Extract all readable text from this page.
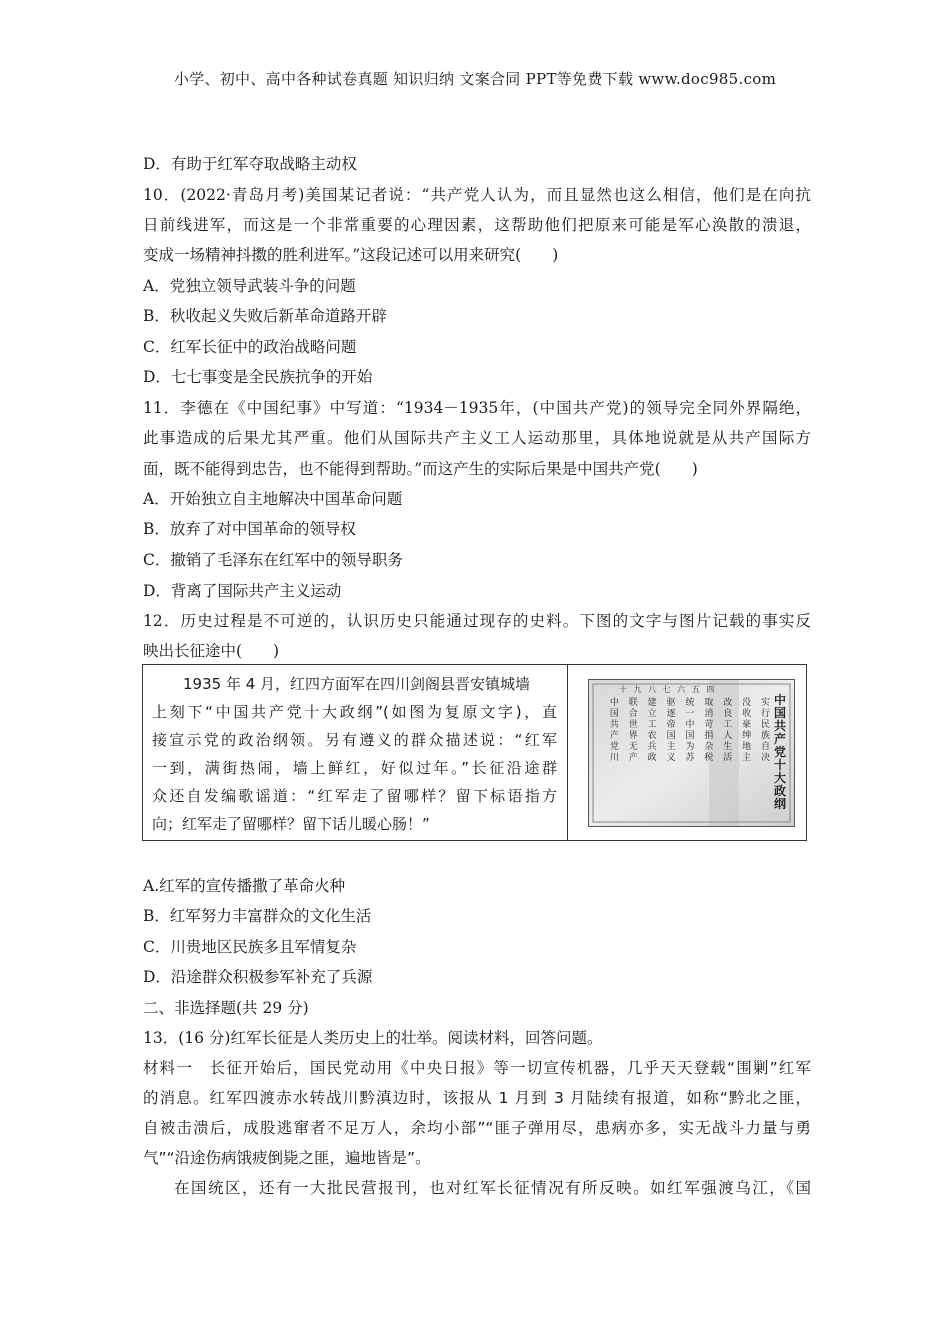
小学、初中、高中各种试卷真题 知识归纳 文案合同 PPT等免费下载 www.doc985.com
D．有助于红军夺取战略主动权
10．(2022·青岛月考)美国某记者说：“共产党人认为，而且显然也这么相信，他们是在向抗
日前线进军，而这是一个非常重要的心理因素，这帮助他们把原来可能是军心涣散的溃退，
变成一场精神抖擞的胜利进军。”这段记述可以用来研究(　　)
A．党独立领导武装斗争的问题
B．秋收起义失败后新革命道路开辟
C．红军长征中的政治战略问题
D．七七事变是全民族抗争的开始
11．李德在《中国纪事》中写道：“1934－1935年，(中国共产党)的领导完全同外界隔绝，
此事造成的后果尤其严重。他们从国际共产主义工人运动那里，具体地说就是从共产国际方
面，既不能得到忠告，也不能得到帮助。”而这产生的实际后果是中国共产党(　　)
A．开始独立自主地解决中国革命问题
B．放弃了对中国革命的领导权
C．撤销了毛泽东在红军中的领导职务
D．背离了国际共产主义运动
12．历史过程是不可逆的，认识历史只能通过现存的史料。下图的文字与图片记载的事实反
映出长征途中(　　)
1935 年 4 月，红四方面军在四川剑阁县晋安镇城墙
上刻下“中国共产党十大政纲”(如图为复原文字)，直
接宣示党的政治纲领。另有遵义的群众描述说：“红军
一到，满街热闹，墙上鲜红，好似过年。”长征沿途群
众还自发编歌谣道：“红军走了留哪样？留下标语指方
向；红军走了留哪样？留下话儿暖心肠！”
十 九 八 七 六 五 四
中国共产党十大政纲
实行民族自决
没收豪绅地主
改良工人生活
取消苛捐杂税
统一中国为苏
驱逐帝国主义
建立工农兵政
联合世界无产
中国共产党川
A.红军的宣传播撒了革命火种
B．红军努力丰富群众的文化生活
C．川贵地区民族多且军情复杂
D．沿途群众积极参军补充了兵源
二、非选择题(共 29 分)
13．(16 分)红军长征是人类历史上的壮举。阅读材料，回答问题。
材料一　长征开始后，国民党动用《中央日报》等一切宣传机器，几乎天天登载“围剿”红军
的消息。红军四渡赤水转战川黔滇边时，该报从 1 月到 3 月陆续有报道，如称“黔北之匪，
自被击溃后，成股逃窜者不足万人，余均小部”“匪子弹用尽，患病亦多，实无战斗力量与勇
气”“沿途伤病饿疲倒毙之匪，遍地皆是”。
在国统区，还有一大批民营报刊，也对红军长征情况有所反映。如红军强渡乌江，《国
